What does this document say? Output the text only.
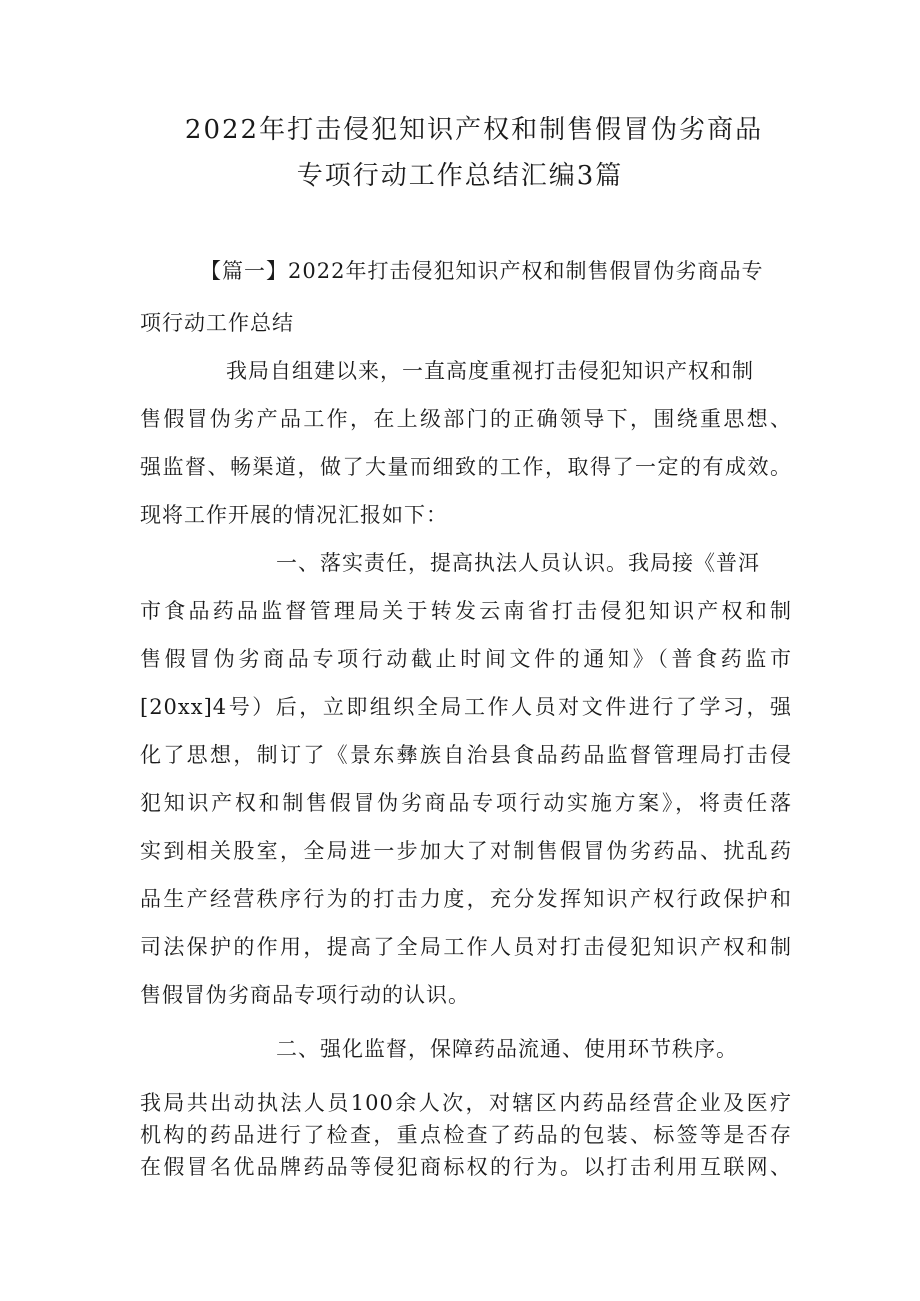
2022年打击侵犯知识产权和制售假冒伪劣商品
专项行动工作总结汇编3篇
【篇一】2022年打击侵犯知识产权和制售假冒伪劣商品专
项行动工作总结
我局自组建以来，一直高度重视打击侵犯知识产权和制
售假冒伪劣产品工作，在上级部门的正确领导下，围绕重思想、
强监督、畅渠道，做了大量而细致的工作，取得了一定的有成效。
现将工作开展的情况汇报如下：
一、落实责任，提高执法人员认识。我局接《普洱
市食品药品监督管理局关于转发云南省打击侵犯知识产权和制
售假冒伪劣商品专项行动截止时间文件的通知》（普食药监市
[20xx]4号）后，立即组织全局工作人员对文件进行了学习，强
化了思想，制订了《景东彝族自治县食品药品监督管理局打击侵
犯知识产权和制售假冒伪劣商品专项行动实施方案》，将责任落
实到相关股室，全局进一步加大了对制售假冒伪劣药品、扰乱药
品生产经营秩序行为的打击力度，充分发挥知识产权行政保护和
司法保护的作用，提高了全局工作人员对打击侵犯知识产权和制
售假冒伪劣商品专项行动的认识。
二、强化监督，保障药品流通、使用环节秩序。
我局共出动执法人员100余人次，对辖区内药品经营企业及医疗
机构的药品进行了检查，重点检查了药品的包装、标签等是否存
在假冒名优品牌药品等侵犯商标权的行为。以打击利用互联网、
